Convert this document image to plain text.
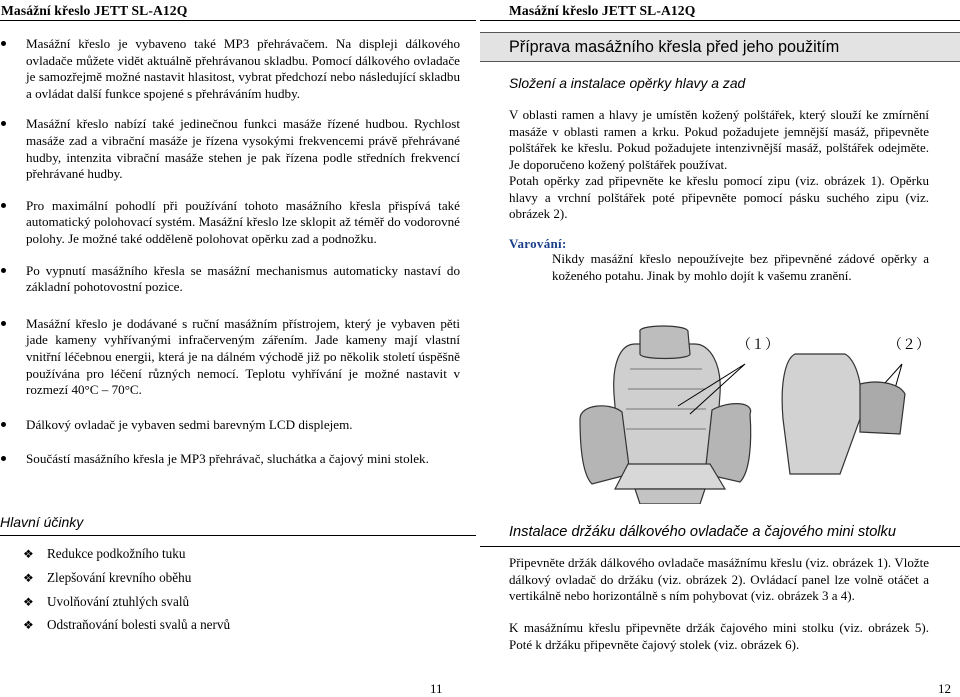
Masážní křeslo JETT SL-A12Q
Masážní křeslo je vybaveno také MP3 přehrávačem. Na displeji dálkového ovladače můžete vidět aktuálně přehrávanou skladbu. Pomocí dálkového ovladače je samozřejmě možné nastavit hlasitost, vybrat předchozí nebo následující skladbu a ovládat další funkce spojené s přehráváním hudby.
Masážní křeslo nabízí také jedinečnou funkci masáže řízené hudbou. Rychlost masáže zad a vibrační masáže je řízena vysokými frekvencemi právě přehrávané hudby, intenzita vibrační masáže stehen je pak řízena podle středních frekvencí přehrávané hudby.
Pro maximální pohodlí při používání tohoto masážního křesla přispívá také automatický polohovací systém. Masážní křeslo lze sklopit až téměř do vodorovné polohy. Je možné také odděleně polohovat opěrku zad a podnožku.
Po vypnutí masážního křesla se masážní mechanismus automaticky nastaví do základní pohotovostní pozice.
Masážní křeslo je dodávané s ruční masážním přístrojem, který je vybaven pěti jade kameny vyhřívanými infračerveným zářením. Jade kameny mají vlastní vnitřní léčebnou energii, která je na dálném východě již po několik století úspěšně používána pro léčení různých nemocí. Teplotu vyhřívání je možné nastavit v rozmezí 40°C – 70°C.
Dálkový ovladač je vybaven sedmi barevným LCD displejem.
Součástí masážního křesla je MP3 přehrávač, sluchátka a čajový mini stolek.
Hlavní účinky
❖ Redukce podkožního tuku
❖ Zlepšování krevního oběhu
❖ Uvolňování ztuhlých svalů
❖ Odstraňování bolesti svalů a nervů
11
Masážní křeslo JETT SL-A12Q
Příprava masážního křesla před jeho použitím
Složení a instalace opěrky hlavy a zad
V oblasti ramen a hlavy je umístěn kožený polštářek, který slouží ke zmírnění masáže v oblasti ramen a krku. Pokud požadujete jemnější masáž, připevněte polštářek ke křeslu. Pokud požadujete intenzivnější masáž, polštářek odejměte. Je doporučeno kožený polštářek používat.
Potah opěrky zad připevněte ke křeslu pomocí zipu (viz. obrázek 1). Opěrku hlavy a vrchní polštářek poté připevněte pomocí pásku suchého zipu (viz. obrázek 2).
Varování:
Nikdy masážní křeslo nepoužívejte bez připevněné zádové opěrky a koženého potahu. Jinak by mohlo dojít k vašemu zranění.
（１）	（２）
Instalace držáku dálkového ovladače a čajového mini stolku
Připevněte držák dálkového ovladače masážnímu křeslu (viz. obrázek 1). Vložte dálkový ovladač do držáku (viz. obrázek 2). Ovládací panel lze volně otáčet a vertikálně nebo horizontálně s ním pohybovat (viz. obrázek 3 a 4).
K masážnímu křeslu připevněte držák čajového mini stolku (viz. obrázek 5). Poté k držáku připevněte čajový stolek (viz. obrázek 6).
12
